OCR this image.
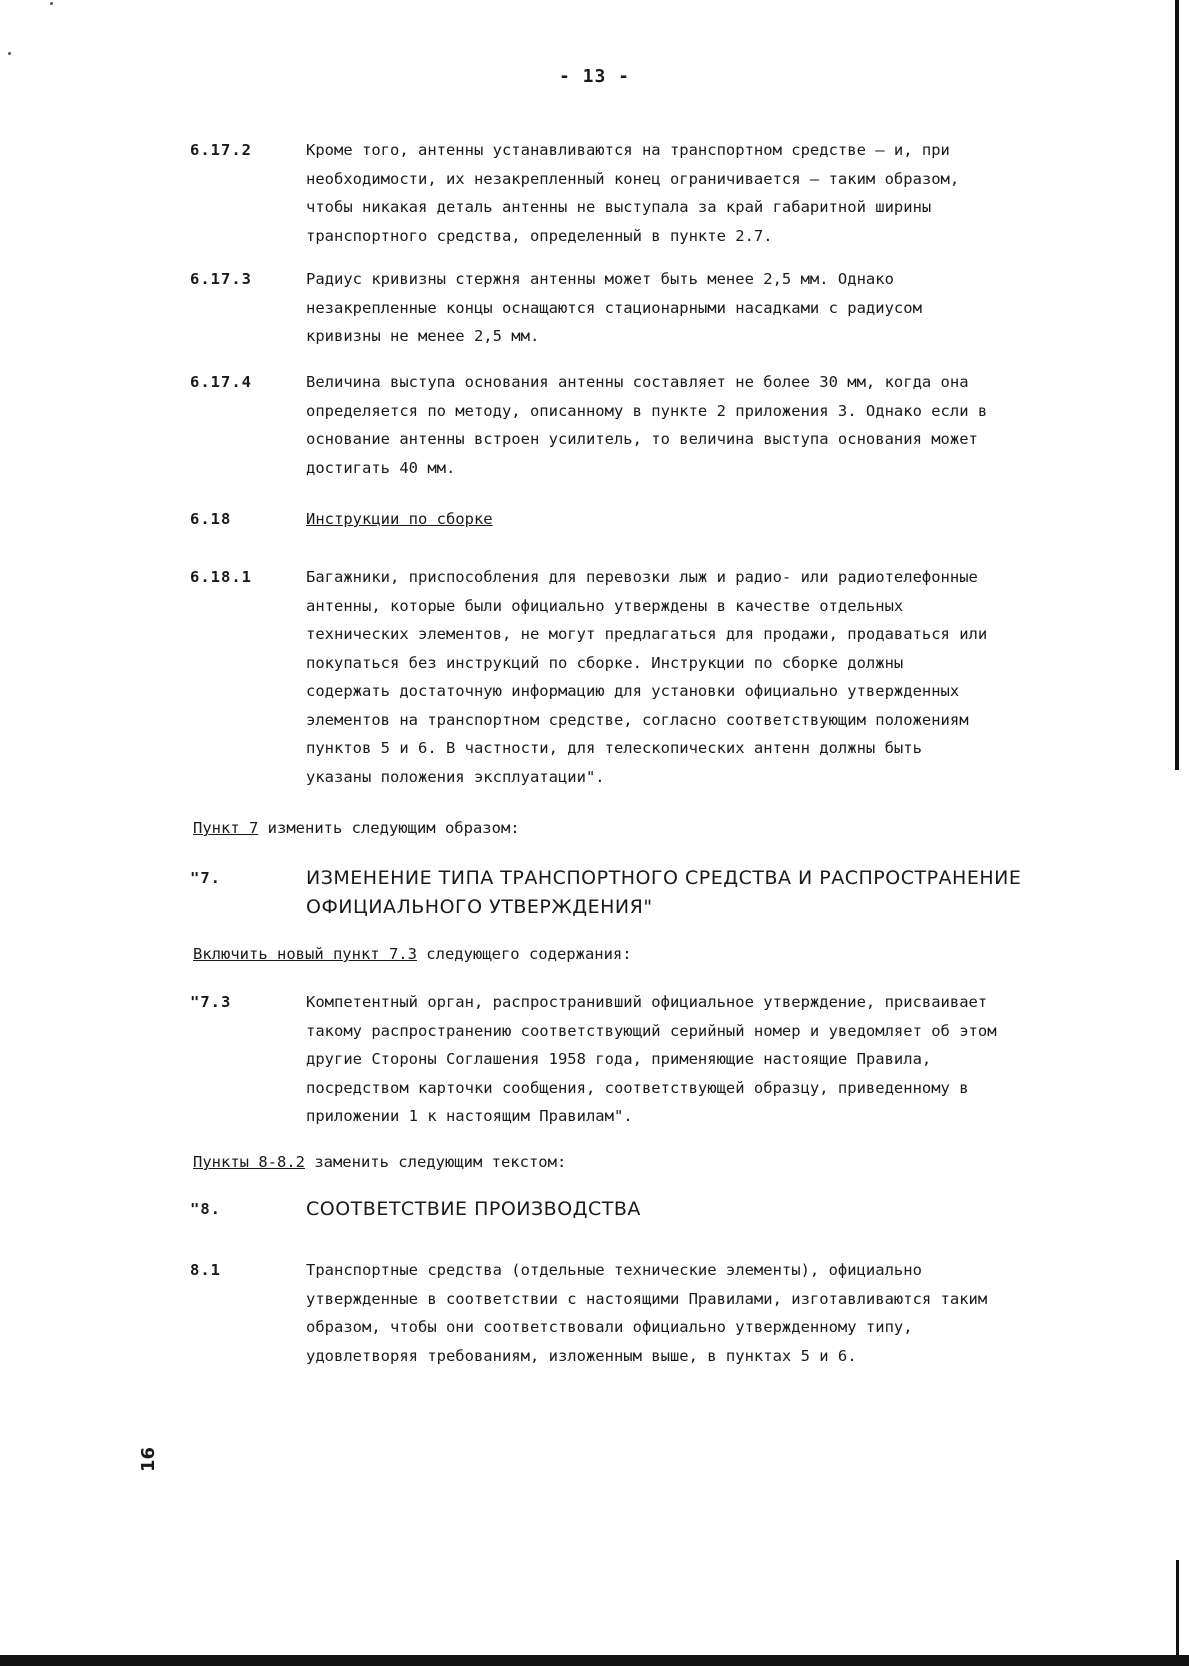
- 13 -
6.17.2	Кроме того, антенны устанавливаются на транспортном средстве – и, при
необходимости, их незакрепленный конец ограничивается – таким образом,
чтобы никакая деталь антенны не выступала за край габаритной ширины
транспортного средства, определенный в пункте 2.7.
6.17.3	Радиус кривизны стержня антенны может быть менее 2,5 мм. Однако
незакрепленные концы оснащаются стационарными насадками с радиусом
кривизны не менее 2,5 мм.
6.17.4	Величина выступа основания антенны составляет не более 30 мм, когда она
определяется по методу, описанному в пункте 2 приложения 3. Однако если в
основание антенны встроен усилитель, то величина выступа основания может
достигать 40 мм.
6.18	Инструкции по сборке
6.18.1	Багажники, приспособления для перевозки лыж и радио- или радиотелефонные
антенны, которые были официально утверждены в качестве отдельных
технических элементов, не могут предлагаться для продажи, продаваться или
покупаться без инструкций по сборке. Инструкции по сборке должны
содержать достаточную информацию для установки официально утвержденных
элементов на транспортном средстве, согласно соответствующим положениям
пунктов 5 и 6. В частности, для телескопических антенн должны быть
указаны положения эксплуатации".
Пункт 7 изменить следующим образом:
"7.	ИЗМЕНЕНИЕ ТИПА ТРАНСПОРТНОГО СРЕДСТВА И РАСПРОСТРАНЕНИЕ
ОФИЦИАЛЬНОГО УТВЕРЖДЕНИЯ"
Включить новый пункт 7.3 следующего содержания:
"7.3	Компетентный орган, распространивший официальное утверждение, присваивает
такому распространению соответствующий серийный номер и уведомляет об этом
другие Стороны Соглашения 1958 года, применяющие настоящие Правила,
посредством карточки сообщения, соответствующей образцу, приведенному в
приложении 1 к настоящим Правилам".
Пункты 8-8.2 заменить следующим текстом:
"8.	СООТВЕТСТВИЕ ПРОИЗВОДСТВА
8.1	Транспортные средства (отдельные технические элементы), официально
утвержденные в соответствии с настоящими Правилами, изготавливаются таким
образом, чтобы они соответствовали официально утвержденному типу,
удовлетворяя требованиям, изложенным выше, в пунктах 5 и 6.
16
